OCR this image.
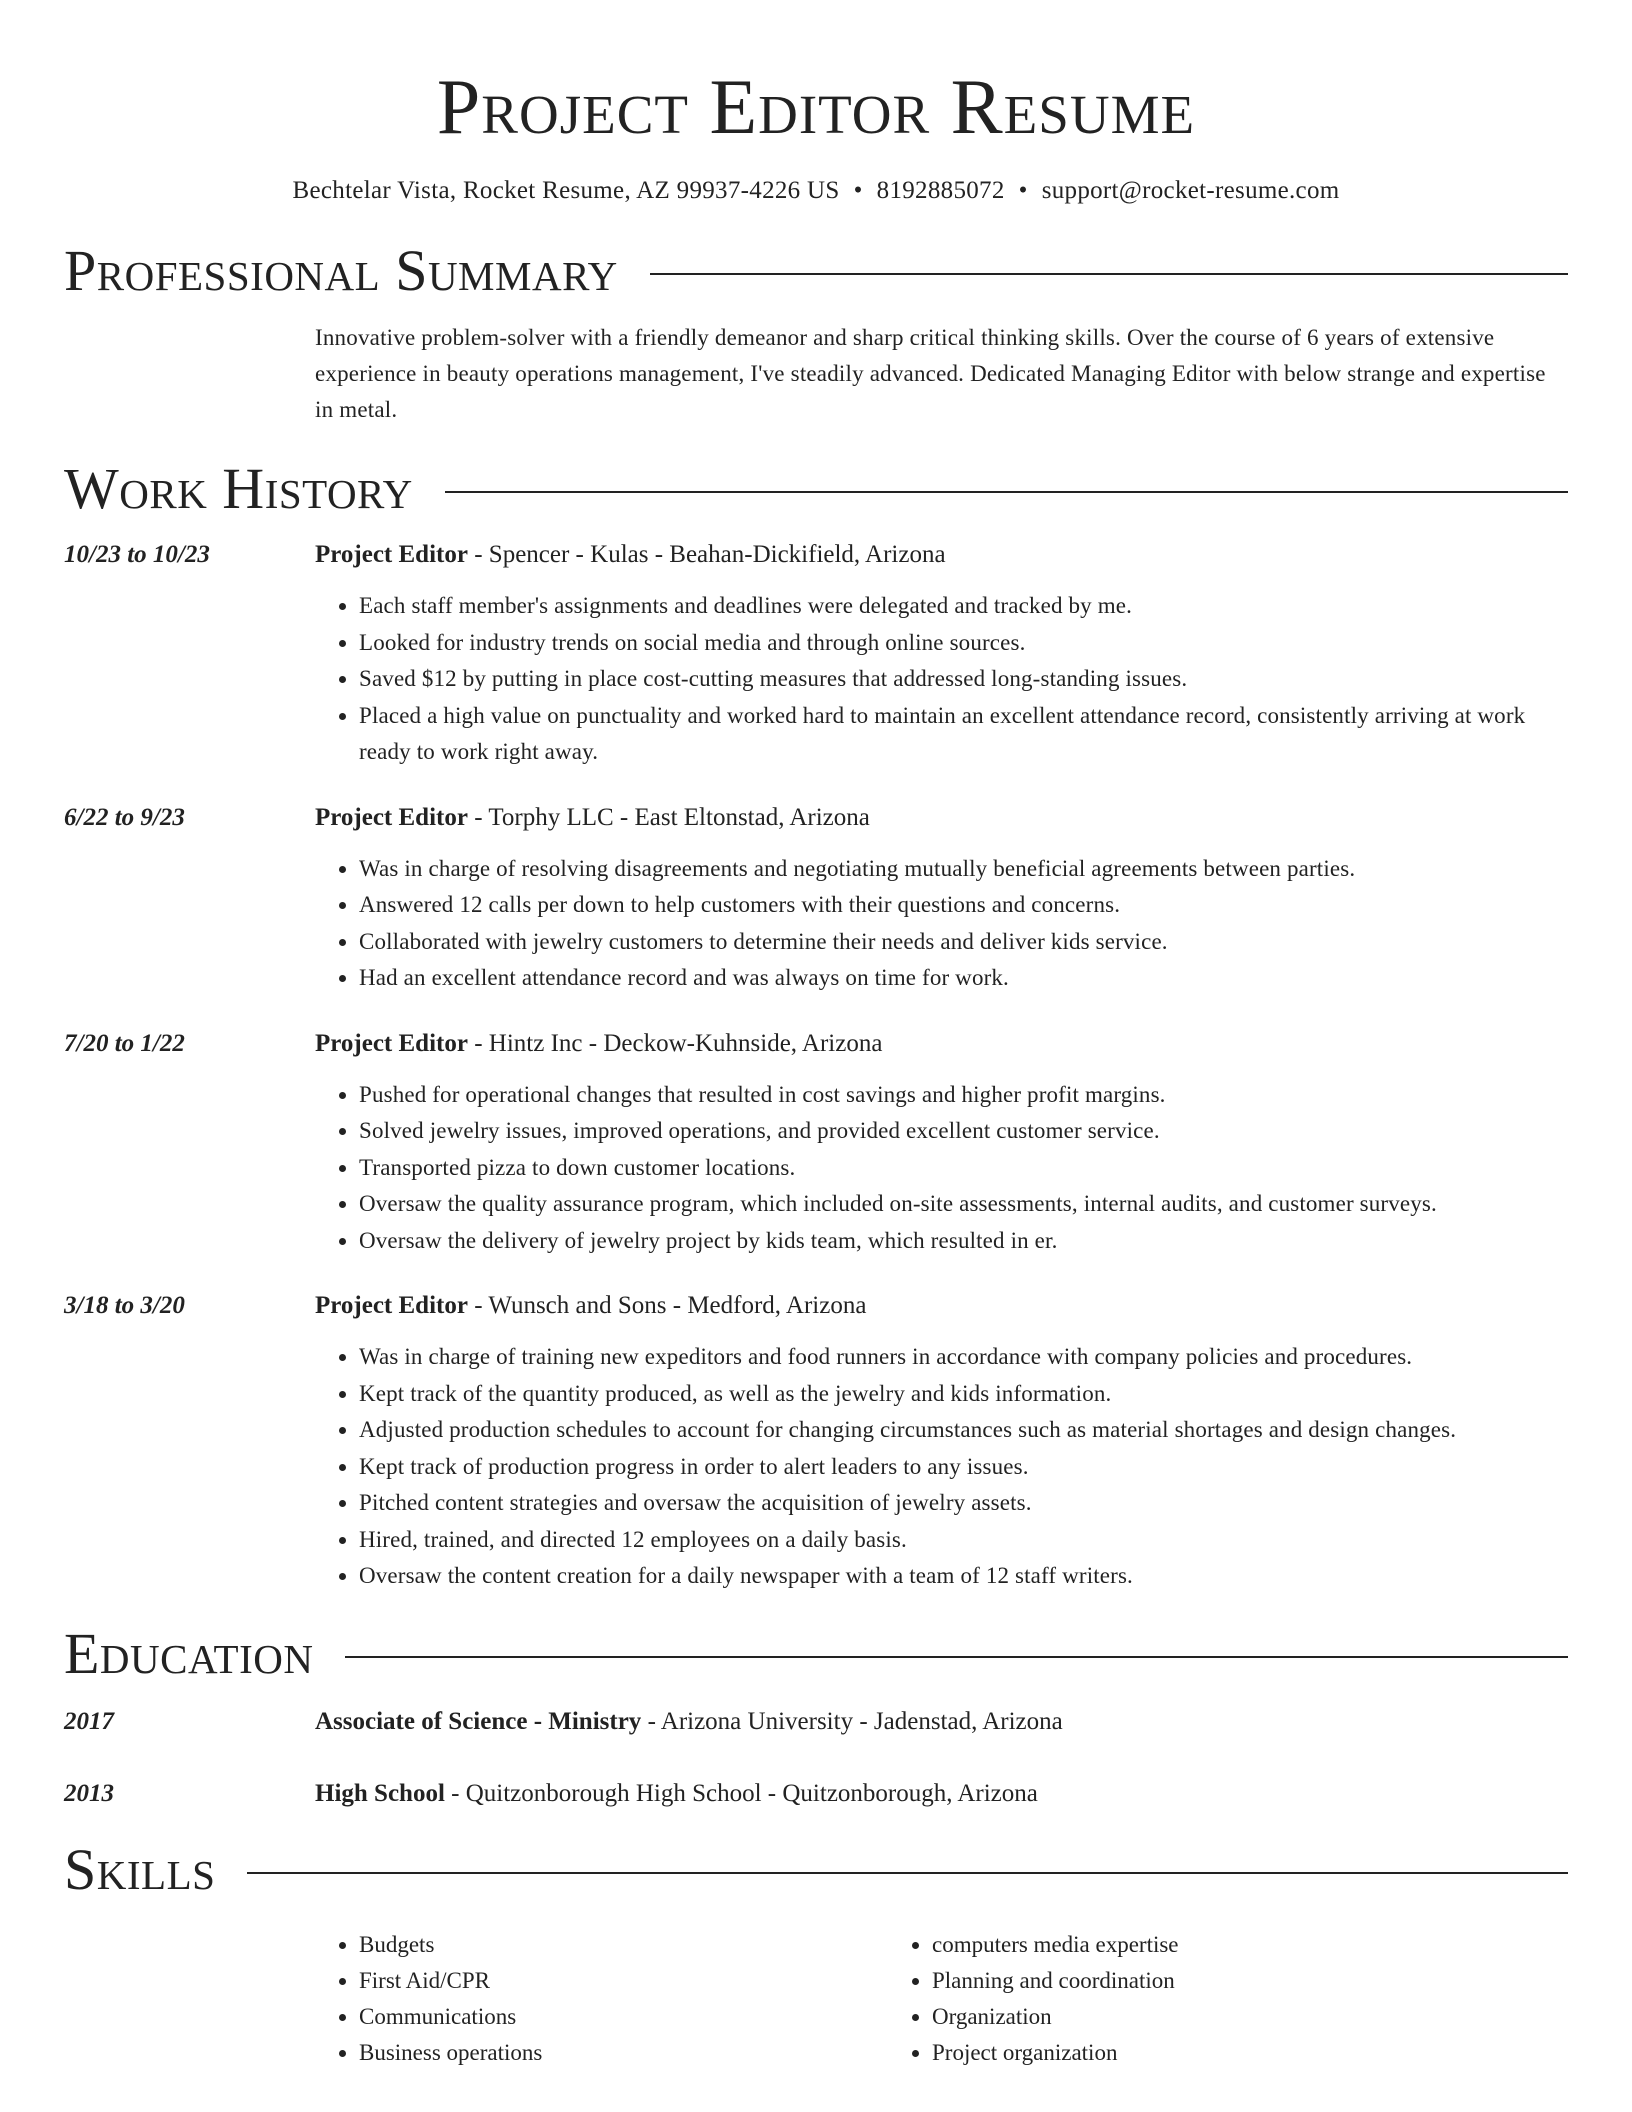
Project Editor Resume
Bechtelar Vista, Rocket Resume, AZ 99937-4226 US • 8192885072 • support@rocket-resume.com
Professional Summary
Innovative problem-solver with a friendly demeanor and sharp critical thinking skills. Over the course of 6 years of extensive experience in beauty operations management, I've steadily advanced. Dedicated Managing Editor with below strange and expertise in metal.
Work History
10/23 to 10/23	Project Editor - Spencer - Kulas - Beahan-Dickifield, Arizona
• Each staff member's assignments and deadlines were delegated and tracked by me.
• Looked for industry trends on social media and through online sources.
• Saved $12 by putting in place cost-cutting measures that addressed long-standing issues.
• Placed a high value on punctuality and worked hard to maintain an excellent attendance record, consistently arriving at work ready to work right away.
6/22 to 9/23	Project Editor - Torphy LLC - East Eltonstad, Arizona
• Was in charge of resolving disagreements and negotiating mutually beneficial agreements between parties.
• Answered 12 calls per down to help customers with their questions and concerns.
• Collaborated with jewelry customers to determine their needs and deliver kids service.
• Had an excellent attendance record and was always on time for work.
7/20 to 1/22	Project Editor - Hintz Inc - Deckow-Kuhnside, Arizona
• Pushed for operational changes that resulted in cost savings and higher profit margins.
• Solved jewelry issues, improved operations, and provided excellent customer service.
• Transported pizza to down customer locations.
• Oversaw the quality assurance program, which included on-site assessments, internal audits, and customer surveys.
• Oversaw the delivery of jewelry project by kids team, which resulted in er.
3/18 to 3/20	Project Editor - Wunsch and Sons - Medford, Arizona
• Was in charge of training new expeditors and food runners in accordance with company policies and procedures.
• Kept track of the quantity produced, as well as the jewelry and kids information.
• Adjusted production schedules to account for changing circumstances such as material shortages and design changes.
• Kept track of production progress in order to alert leaders to any issues.
• Pitched content strategies and oversaw the acquisition of jewelry assets.
• Hired, trained, and directed 12 employees on a daily basis.
• Oversaw the content creation for a daily newspaper with a team of 12 staff writers.
Education
2017	Associate of Science - Ministry - Arizona University - Jadenstad, Arizona
2013	High School - Quitzonborough High School - Quitzonborough, Arizona
Skills
• Budgets
• First Aid/CPR
• Communications
• Business operations
• computers media expertise
• Planning and coordination
• Organization
• Project organization
